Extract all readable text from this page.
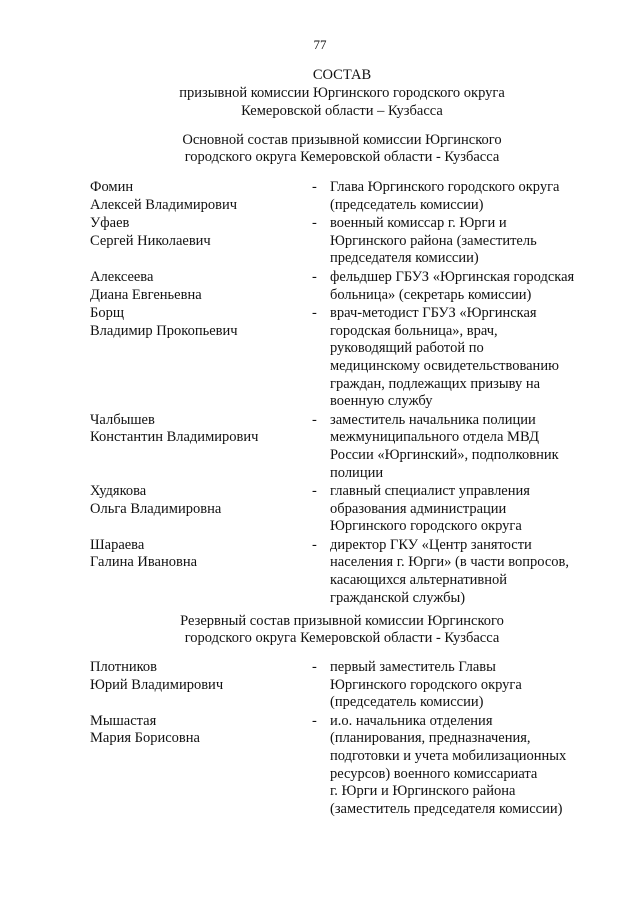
77
СОСТАВ
призывной комиссии Юргинского городского округа
Кемеровской области – Кузбасса
Основной состав призывной комиссии Юргинского
городского округа Кемеровской области - Кузбасса
Фомин
Алексей Владимирович
- Глава Юргинского городского округа
(председатель комиссии)
Уфаев
Сергей Николаевич
- военный комиссар г. Юрги и
Юргинского района (заместитель
председателя комиссии)
Алексеева
Диана Евгеньевна
- фельдшер ГБУЗ «Юргинская городская
больница» (секретарь комиссии)
Борщ
Владимир Прокопьевич
- врач-методист ГБУЗ «Юргинская
городская больница», врач,
руководящий работой по
медицинскому освидетельствованию
граждан, подлежащих призыву на
военную службу
Чалбышев
Константин Владимирович
- заместитель начальника полиции
межмуниципального отдела МВД
России «Юргинский», подполковник
полиции
Худякова
Ольга Владимировна
- главный специалист управления
образования администрации
Юргинского городского округа
Шараева
Галина Ивановна
- директор ГКУ «Центр занятости
населения г. Юрги» (в части вопросов,
касающихся альтернативной
гражданской службы)
Резервный состав призывной комиссии Юргинского
городского округа Кемеровской области - Кузбасса
Плотников
Юрий Владимирович
- первый заместитель Главы
Юргинского городского округа
(председатель комиссии)
Мышастая
Мария Борисовна
- и.о. начальника отделения
(планирования, предназначения,
подготовки и учета мобилизационных
ресурсов) военного комиссариата
г. Юрги и Юргинского района
(заместитель председателя комиссии)
